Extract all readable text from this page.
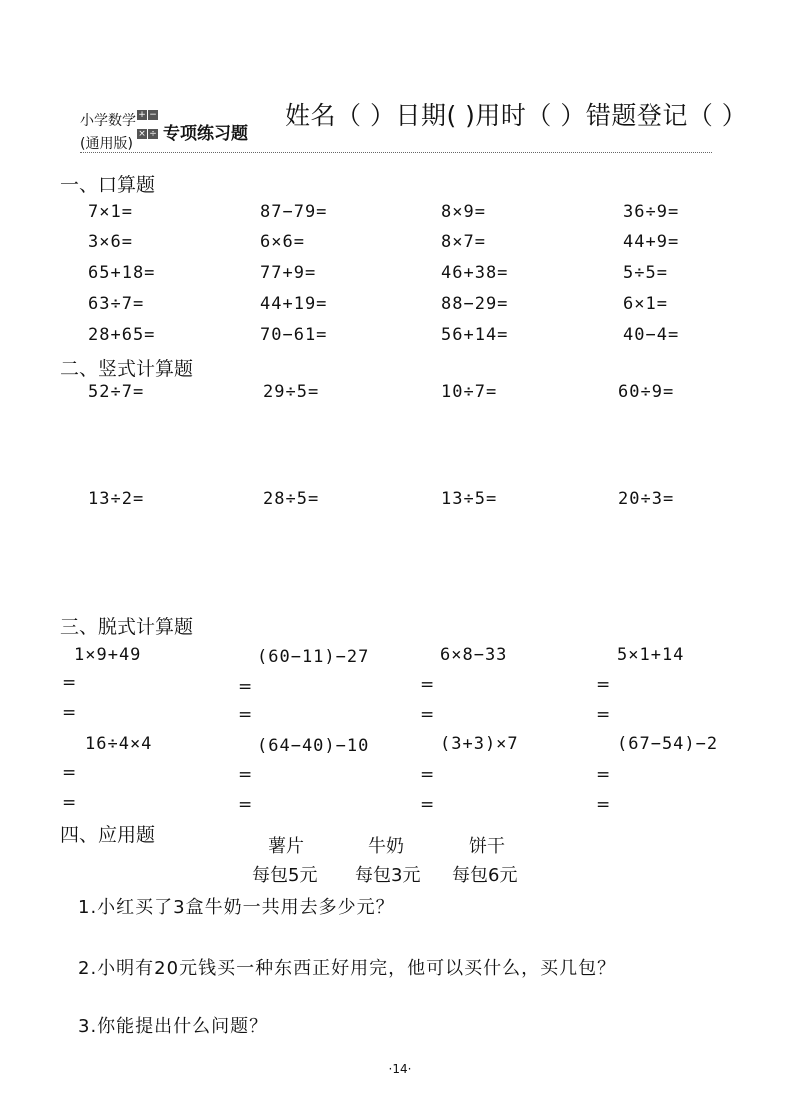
小学数学
(通用版)
+ −
× ÷ 专项练习题
姓名（ ）日期( )用时（ ）错题登记（ ）
一、口算题
7×1=	87−79=	8×9=	36÷9=
3×6=	6×6=	8×7=	44+9=
65+18=	77+9=	46+38=	5÷5=
63÷7=	44+19=	88−29=	6×1=
28+65=	70−61=	56+14=	40−4=
二、竖式计算题
52÷7=	29÷5=	10÷7=	60÷9=
13÷2=	28÷5=	13÷5=	20÷3=
三、脱式计算题
1×9+49	(60−11)−27	6×8−33	5×1+14
=	=	=	=
=	=	=	=
16÷4×4	(64−40)−10	(3+3)×7	(67−54)−2
=	=	=	=
=	=	=	=
四、应用题
薯片
每包5元
牛奶
每包3元
饼干
每包6元
1.小红买了3盒牛奶一共用去多少元？
2.小明有20元钱买一种东西正好用完，他可以买什么，买几包？
3.你能提出什么问题？
·14·
